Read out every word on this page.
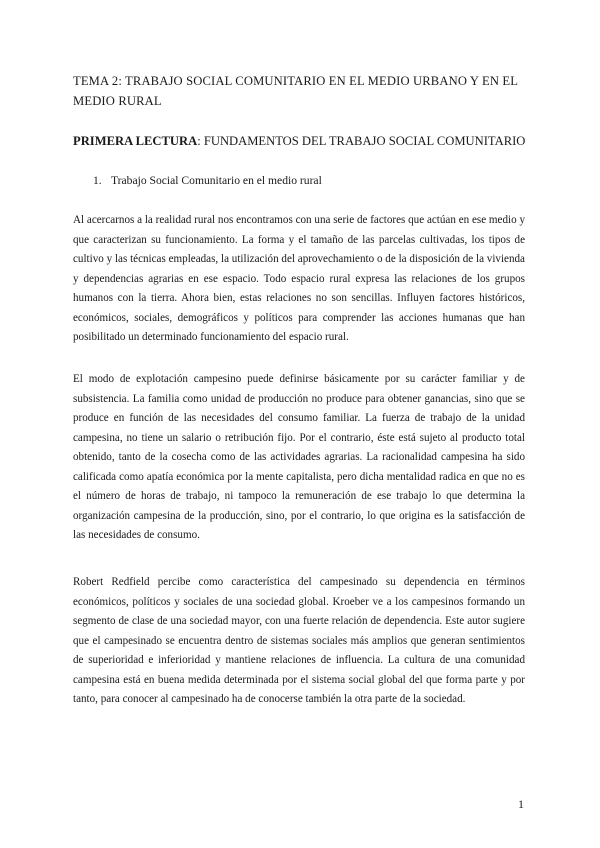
TEMA 2: TRABAJO SOCIAL COMUNITARIO EN EL MEDIO URBANO Y EN EL MEDIO RURAL
PRIMERA LECTURA: FUNDAMENTOS DEL TRABAJO SOCIAL COMUNITARIO

1. Trabajo Social Comunitario en el medio rural

Al acercarnos a la realidad rural nos encontramos con una serie de factores que actúan en ese medio y que caracterizan su funcionamiento. La forma y el tamaño de las parcelas cultivadas, los tipos de cultivo y las técnicas empleadas, la utilización del aprovechamiento o de la disposición de la vivienda y dependencias agrarias en ese espacio. Todo espacio rural expresa las relaciones de los grupos humanos con la tierra. Ahora bien, estas relaciones no son sencillas. Influyen factores históricos, económicos, sociales, demográficos y políticos para comprender las acciones humanas que han posibilitado un determinado funcionamiento del espacio rural.

El modo de explotación campesino puede definirse básicamente por su carácter familiar y de subsistencia. La familia como unidad de producción no produce para obtener ganancias, sino que se produce en función de las necesidades del consumo familiar. La fuerza de trabajo de la unidad campesina, no tiene un salario o retribución fijo. Por el contrario, éste está sujeto al producto total obtenido, tanto de la cosecha como de las actividades agrarias. La racionalidad campesina ha sido calificada como apatía económica por la mente capitalista, pero dicha mentalidad radica en que no es el número de horas de trabajo, ni tampoco la remuneración de ese trabajo lo que determina la organización campesina de la producción, sino, por el contrario, lo que origina es la satisfacción de las necesidades de consumo.

Robert Redfield percibe como característica del campesinado su dependencia en términos económicos, políticos y sociales de una sociedad global. Kroeber ve a los campesinos formando un segmento de clase de una sociedad mayor, con una fuerte relación de dependencia. Este autor sugiere que el campesinado se encuentra dentro de sistemas sociales más amplios que generan sentimientos de superioridad e inferioridad y mantiene relaciones de influencia. La cultura de una comunidad campesina está en buena medida determinada por el sistema social global del que forma parte y por tanto, para conocer al campesinado ha de conocerse también la otra parte de la sociedad.

1
